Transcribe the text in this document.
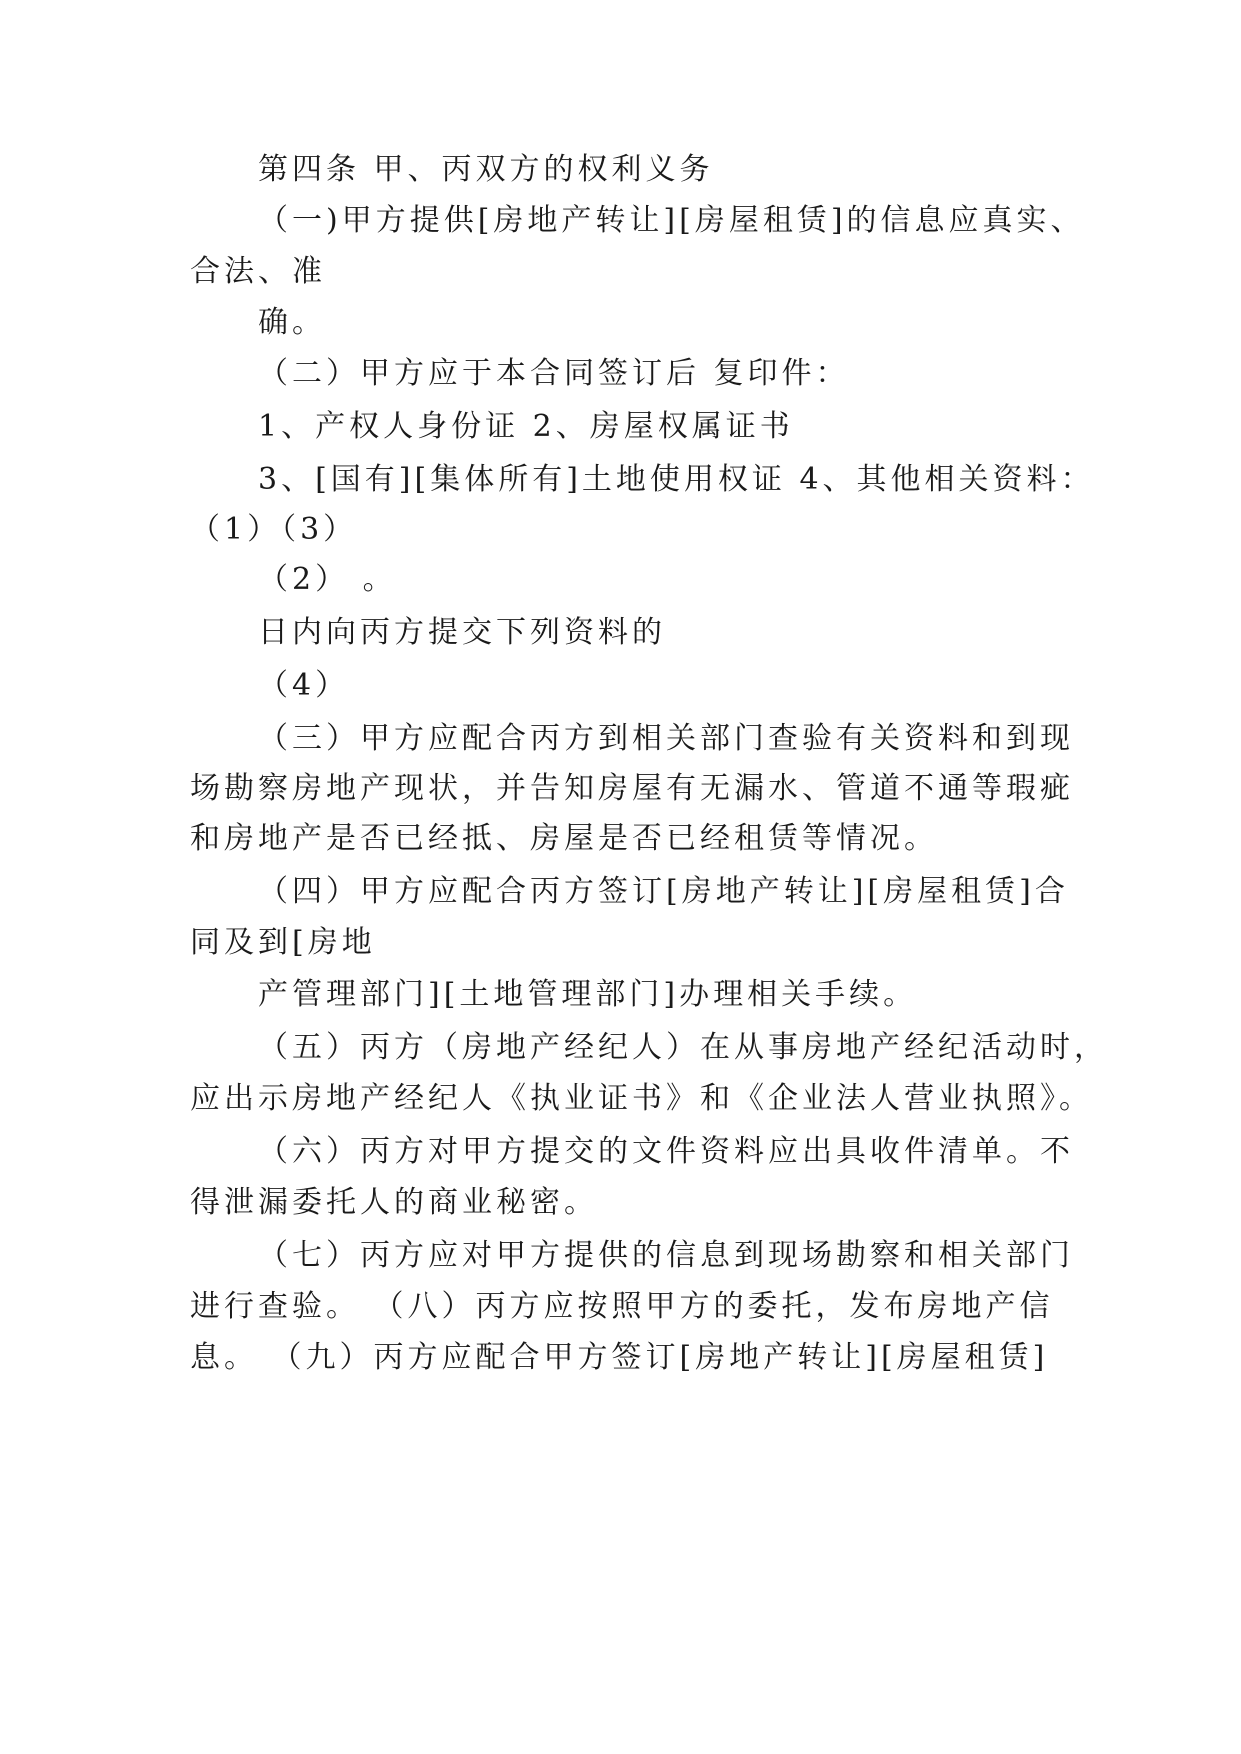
第四条 甲、丙双方的权利义务
（一)甲方提供[房地产转让][房屋租赁]的信息应真实、
合法、准
确。
（二）甲方应于本合同签订后 复印件：
1、产权人身份证 2、房屋权属证书
3、[国有][集体所有]土地使用权证 4、其他相关资料：
（1）（3）
（2） 。
日内向丙方提交下列资料的
（4）
（三）甲方应配合丙方到相关部门查验有关资料和到现
场勘察房地产现状，并告知房屋有无漏水、管道不通等瑕疵
和房地产是否已经抵、房屋是否已经租赁等情况。
（四）甲方应配合丙方签订[房地产转让][房屋租赁]合
同及到[房地
产管理部门][土地管理部门]办理相关手续。
（五）丙方（房地产经纪人）在从事房地产经纪活动时，
应出示房地产经纪人《执业证书》和《企业法人营业执照》。
（六）丙方对甲方提交的文件资料应出具收件清单。不
得泄漏委托人的商业秘密。
（七）丙方应对甲方提供的信息到现场勘察和相关部门
进行查验。 （八）丙方应按照甲方的委托，发布房地产信
息。 （九）丙方应配合甲方签订[房地产转让][房屋租赁]
